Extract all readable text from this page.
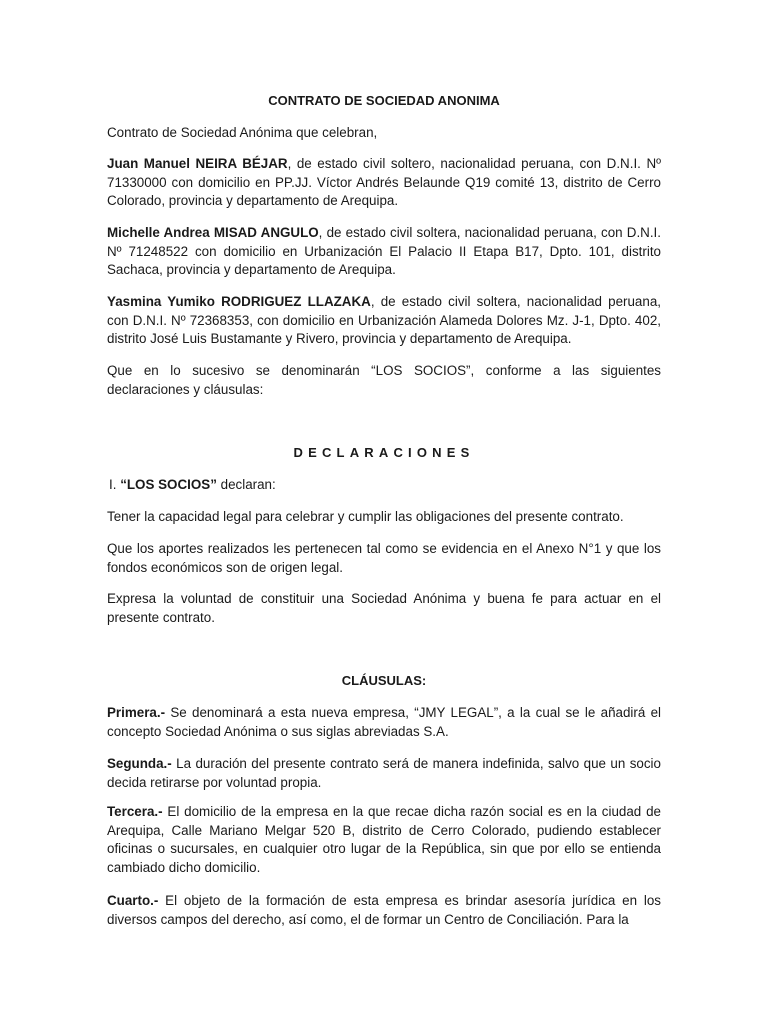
CONTRATO DE SOCIEDAD ANONIMA

Contrato de Sociedad Anónima que celebran,

Juan Manuel NEIRA BÉJAR, de estado civil soltero, nacionalidad peruana, con D.N.I. Nº 71330000 con domicilio en PP.JJ. Víctor Andrés Belaunde Q19 comité 13, distrito de Cerro Colorado, provincia y departamento de Arequipa.

Michelle Andrea MISAD ANGULO, de estado civil soltera, nacionalidad peruana, con D.N.I. Nº 71248522 con domicilio en Urbanización El Palacio II Etapa B17, Dpto. 101, distrito Sachaca, provincia y departamento de Arequipa.

Yasmina Yumiko RODRIGUEZ LLAZAKA, de estado civil soltera, nacionalidad peruana, con D.N.I. Nº 72368353, con domicilio en Urbanización Alameda Dolores Mz. J-1, Dpto. 402, distrito José Luis Bustamante y Rivero, provincia y departamento de Arequipa.

Que en lo sucesivo se denominarán “LOS SOCIOS”, conforme a las siguientes declaraciones y cláusulas:

DECLARACIONES

I. “LOS SOCIOS” declaran:

Tener la capacidad legal para celebrar y cumplir las obligaciones del presente contrato.

Que los aportes realizados les pertenecen tal como se evidencia en el Anexo N°1 y que los fondos económicos son de origen legal.

Expresa la voluntad de constituir una Sociedad Anónima y buena fe para actuar en el presente contrato.

CLÁUSULAS:

Primera.- Se denominará a esta nueva empresa, “JMY LEGAL”, a la cual se le añadirá el concepto Sociedad Anónima o sus siglas abreviadas S.A.

Segunda.- La duración del presente contrato será de manera indefinida, salvo que un socio decida retirarse por voluntad propia.

Tercera.- El domicilio de la empresa en la que recae dicha razón social es en la ciudad de Arequipa, Calle Mariano Melgar 520 B, distrito de Cerro Colorado, pudiendo establecer oficinas o sucursales, en cualquier otro lugar de la República, sin que por ello se entienda cambiado dicho domicilio.

Cuarto.- El objeto de la formación de esta empresa es brindar asesoría jurídica en los diversos campos del derecho, así como, el de formar un Centro de Conciliación. Para la
